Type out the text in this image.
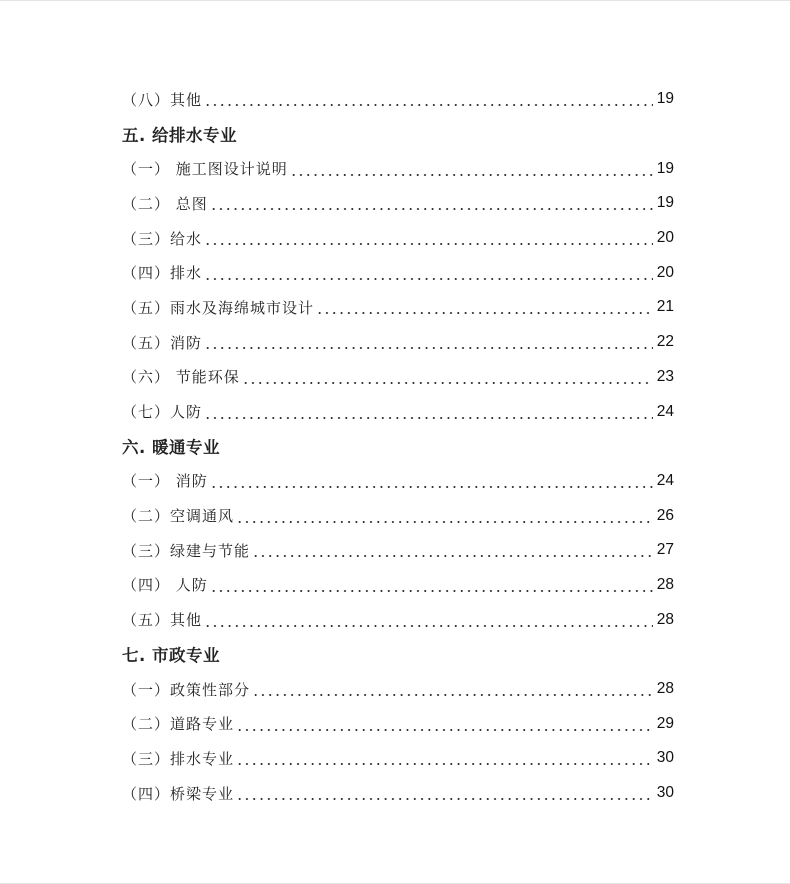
（八）其他	19
五. 给排水专业
（一） 施工图设计说明	19
（二） 总图	19
（三）给水	20
（四）排水	20
（五）雨水及海绵城市设计	21
（五）消防	22
（六） 节能环保	23
（七）人防	24
六. 暖通专业
（一） 消防	24
（二）空调通风	26
（三）绿建与节能	27
（四） 人防	28
（五）其他	28
七. 市政专业
（一）政策性部分	28
（二）道路专业	29
（三）排水专业	30
（四）桥梁专业	30
